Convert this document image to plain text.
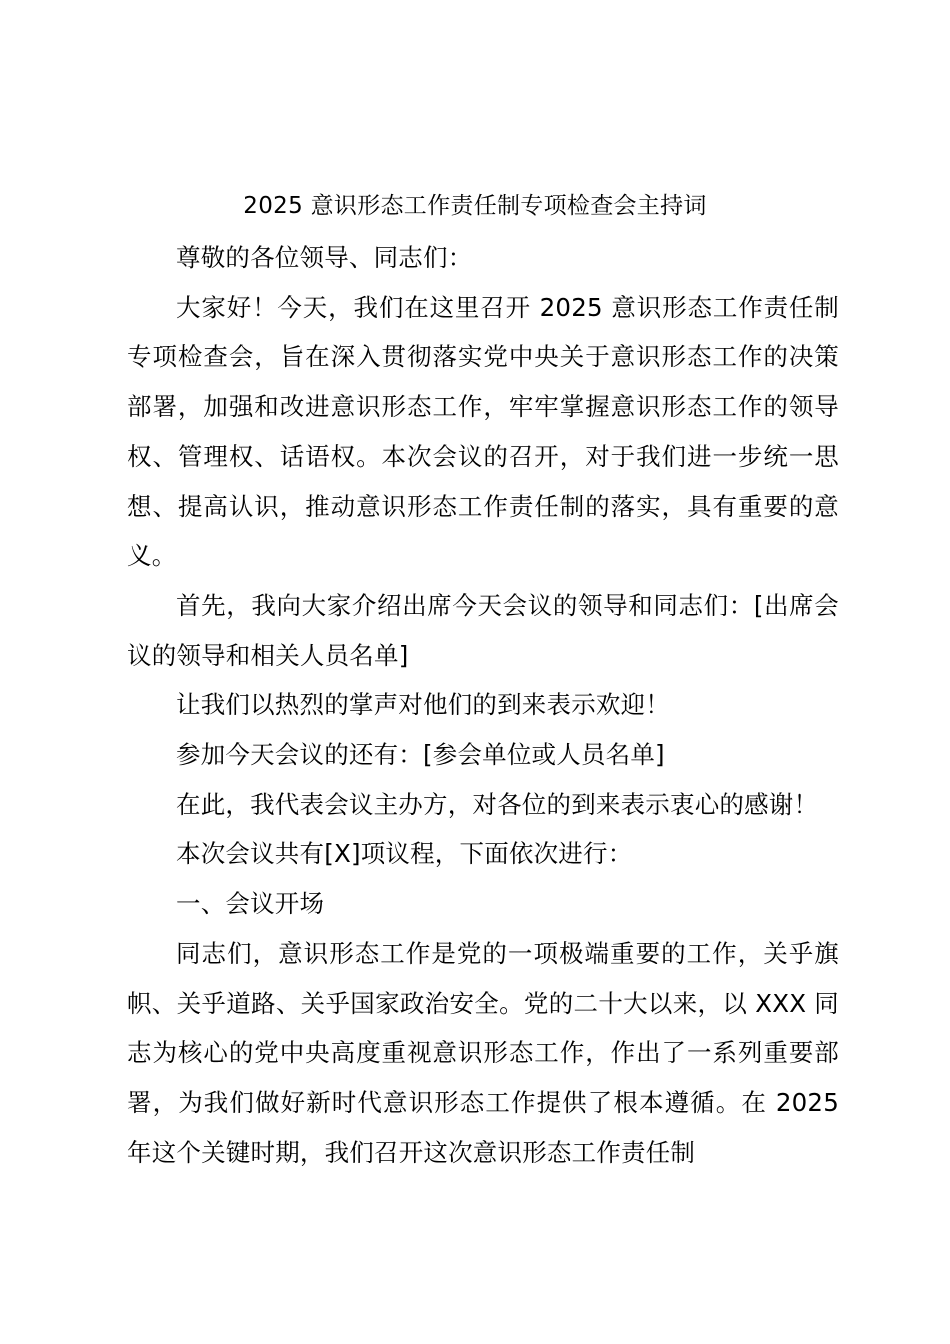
2025 意识形态工作责任制专项检查会主持词

尊敬的各位领导、同志们：

大家好！今天，我们在这里召开 2025 意识形态工作责任制专项检查会，旨在深入贯彻落实党中央关于意识形态工作的决策部署，加强和改进意识形态工作，牢牢掌握意识形态工作的领导权、管理权、话语权。本次会议的召开，对于我们进一步统一思想、提高认识，推动意识形态工作责任制的落实，具有重要的意义。

首先，我向大家介绍出席今天会议的领导和同志们：[出席会议的领导和相关人员名单]

让我们以热烈的掌声对他们的到来表示欢迎！

参加今天会议的还有：[参会单位或人员名单]

在此，我代表会议主办方，对各位的到来表示衷心的感谢！

本次会议共有[X]项议程，下面依次进行：

一、会议开场

同志们，意识形态工作是党的一项极端重要的工作，关乎旗帜、关乎道路、关乎国家政治安全。党的二十大以来，以 XXX 同志为核心的党中央高度重视意识形态工作，作出了一系列重要部署，为我们做好新时代意识形态工作提供了根本遵循。在 2025 年这个关键时期，我们召开这次意识形态工作责任制
